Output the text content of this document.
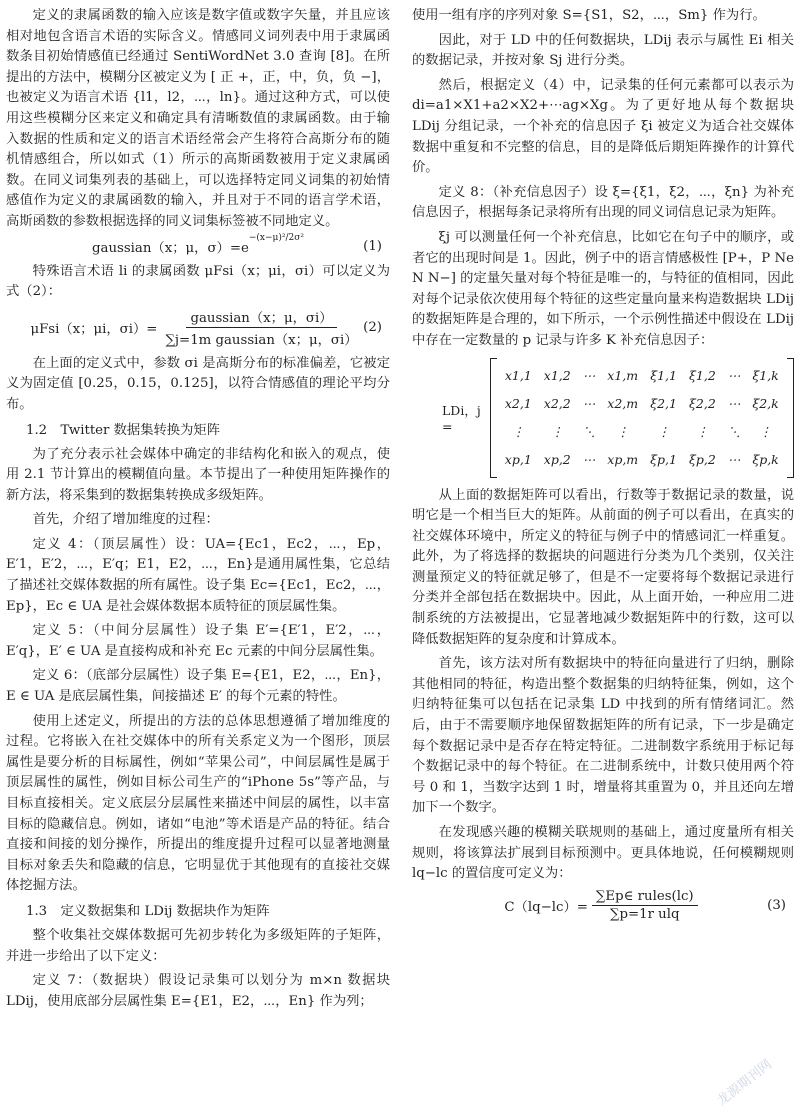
定义的隶属函数的输入应该是数字值或数字矢量，并且应该相对地包含语言术语的实际含义。情感同义词列表中用于隶属函数条目初始情感值已经通过 SentiWordNet 3.0 查询 [8]。在所提出的方法中，模糊分区被定义为 [ 正 +，正，中，负，负 −]，也被定义为语言术语 {l1，l2，⋯，ln}。通过这种方式，可以使用这些模糊分区来定义和确定具有清晰数值的隶属函数。由于输入数据的性质和定义的语言术语经常会产生将符合高斯分布的随机情感组合，所以如式（1）所示的高斯函数被用于定义隶属函数。在同义词集列表的基础上，可以选择特定同义词集的初始情感值作为定义的隶属函数的输入，并且对于不同的语言学术语，高斯函数的参数根据选择的同义词集标签被不同地定义。

gaussian（x；μ，σ）=e
$^{-(x-\mu)^2/2\sigma^2}$
(1)

特殊语言术语 li 的隶属函数 μFsi（x；μi，σi）可以定义为式（2）：

μFsi（x；μi，$\sigma i)= \frac{\text{gaussian（x；μ，σi）}}{\text{∑j=1m gaussian（x；μ，σi）}} (2)$

在上面的定义式中，参数 σi 是高斯分布的标准偏差，它被定义为固定值 [0.25，0.15，0.125]，以符合情感值的理论平均分布。

1.2　Twitter 数据集转换为矩阵

为了充分表示社会媒体中确定的非结构化和嵌入的观点，使用 2.1 节计算出的模糊值向量。本节提出了一种使用矩阵操作的新方法，将采集到的数据集转换成多级矩阵。

首先，介绍了增加维度的过程：

定义 4：（顶层属性）设：UA={Ec1，Ec2，⋯，Ep，E′1，E′2，⋯，E′q；E1，E2，⋯，En}是通用属性集，它总结了描述社交媒体数据的所有属性。设子集 Ec={Ec1，Ec2，⋯，Ep}，Ec ∈ UA 是社会媒体数据本质特征的顶层属性集。

定义 5：（中间分层属性）设子集 E′={E′1，E′2，⋯，E′q}，E′ ∈ UA 是直接构成和补充 Ec 元素的中间分层属性集。

定义 6：（底部分层属性）设子集 E={E1，E2，⋯，En}，E ∈ UA 是底层属性集，间接描述 E′ 的每个元素的特性。

使用上述定义，所提出的方法的总体思想遵循了增加维度的过程。它将嵌入在社交媒体中的所有关系定义为一个图形，顶层属性是要分析的目标属性，例如“苹果公司”，中间层属性是属于顶层属性的属性，例如目标公司生产的“iPhone 5s”等产品，与目标直接相关。定义底层分层属性来描述中间层的属性，以丰富目标的隐藏信息。例如，诸如“电池”等术语是产品的特征。结合直接和间接的划分操作，所提出的维度提升过程可以显著地测量目标对象丢失和隐藏的信息，它明显优于其他现有的直接社交媒体挖掘方法。

1.3　定义数据集和 LDij 数据块作为矩阵

整个收集社交媒体数据可先初步转化为多级矩阵的子矩阵，并进一步给出了以下定义：

定义 7：（数据块）假设记录集可以划分为 m×n 数据块 LDij，使用底部分层属性集 E={E1，E2，⋯，En} 作为列；

使用一组有序的序列对象 S={S1，S2，⋯，Sm} 作为行。

因此，对于 LD 中的任何数据块，LDij 表示与属性 Ei 相关的数据记录，并按对象 Sj 进行分类。

然后，根据定义（4）中，记录集的任何元素都可以表示为 di=a1×X1+a2×X2+⋯ag×Xg。为了更好地从每个数据块 LDij 分组记录，一个补充的信息因子 ξi 被定义为适合社交媒体数据中重复和不完整的信息，目的是降低后期矩阵操作的计算代价。

定义 8：（补充信息因子）设 ξ={ξ1，ξ2，⋯，ξn} 为补充信息因子，根据每条记录将所有出现的同义词信息记录为矩阵。

ξj 可以测量任何一个补充信息，比如它在句子中的顺序，或者它的出现时间是 1。因此，例子中的语言情感极性 [P+，P Ne N N−] 的定量矢量对每个特征是唯一的，与特征的值相同，因此对每个记录依次使用每个特征的这些定量向量来构造数据块 LDij 的数据矩阵是合理的，如下所示，一个示例性描述中假设在 LDij 中存在一定数量的 p 记录与许多 K 补充信息因子：

LDi，j =
x1,1	x1,2	⋯	x1,m	ξ1,1	ξ1,2	⋯	ξ1,k
x2,1	x2,2	⋯	x2,m	ξ2,1	ξ2,2	⋯	ξ2,k
⋮	⋮	⋱	⋮	⋮	⋮	⋱	⋮
xp,1	xp,2	⋯	xp,m	ξp,1	ξp,2	⋯	ξp,k

从上面的数据矩阵可以看出，行数等于数据记录的数量，说明它是一个相当巨大的矩阵。从前面的例子可以看出，在真实的社交媒体环境中，所定义的特征与例子中的情感词汇一样重复。此外，为了将选择的数据块的问题进行分类为几个类别，仅关注测量预定义的特征就足够了，但是不一定要将每个数据记录进行分类并全部包括在数据块中。因此，从上面开始，一种应用二进制系统的方法被提出，它显著地减少数据矩阵中的行数，这可以降低数据矩阵的复杂度和计算成本。

首先，该方法对所有数据块中的特征向量进行了归纳，删除其他相同的特征，构造出整个数据集的归纳特征集，例如，这个归纳特征集可以包括在记录集 LD 中找到的所有情绪词汇。然后，由于不需要顺序地保留数据矩阵的所有记录，下一步是确定每个数据记录中是否存在特定特征。二进制数字系统用于标记每个数据记录中的每个特征。在二进制系统中，计数只使用两个符号 0 和 1，当数字达到 1 时，增量将其重置为 0，并且还向左增加下一个数字。

在发现感兴趣的模糊关联规则的基础上，通过度量所有相关规则，将该算法扩展到目标预测中。更具体地说，任何模糊规则 lq−lc 的置信度可定义为：

$C(lq-lc)= \frac{\text{∑Ep∈ rules(lc)}}{\text{∑p=1r ulq}}$	(3)
龙源期刊网
